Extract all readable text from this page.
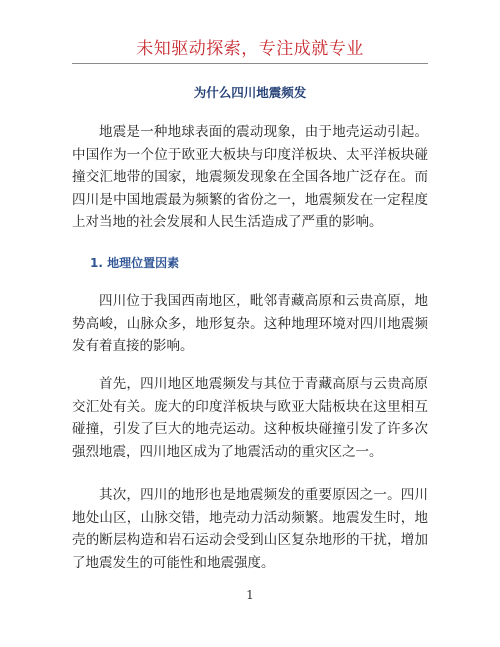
未知驱动探索，专注成就专业
为什么四川地震频发

地震是一种地球表面的震动现象，由于地壳运动引起。中国作为一个位于欧亚大板块与印度洋板块、太平洋板块碰撞交汇地带的国家，地震频发现象在全国各地广泛存在。而四川是中国地震最为频繁的省份之一，地震频发在一定程度上对当地的社会发展和人民生活造成了严重的影响。

1. 地理位置因素

四川位于我国西南地区，毗邻青藏高原和云贵高原，地势高峻，山脉众多，地形复杂。这种地理环境对四川地震频发有着直接的影响。

首先，四川地区地震频发与其位于青藏高原与云贵高原交汇处有关。庞大的印度洋板块与欧亚大陆板块在这里相互碰撞，引发了巨大的地壳运动。这种板块碰撞引发了许多次强烈地震，四川地区成为了地震活动的重灾区之一。

其次，四川的地形也是地震频发的重要原因之一。四川地处山区，山脉交错，地壳动力活动频繁。地震发生时，地壳的断层构造和岩石运动会受到山区复杂地形的干扰，增加了地震发生的可能性和地震强度。

1
